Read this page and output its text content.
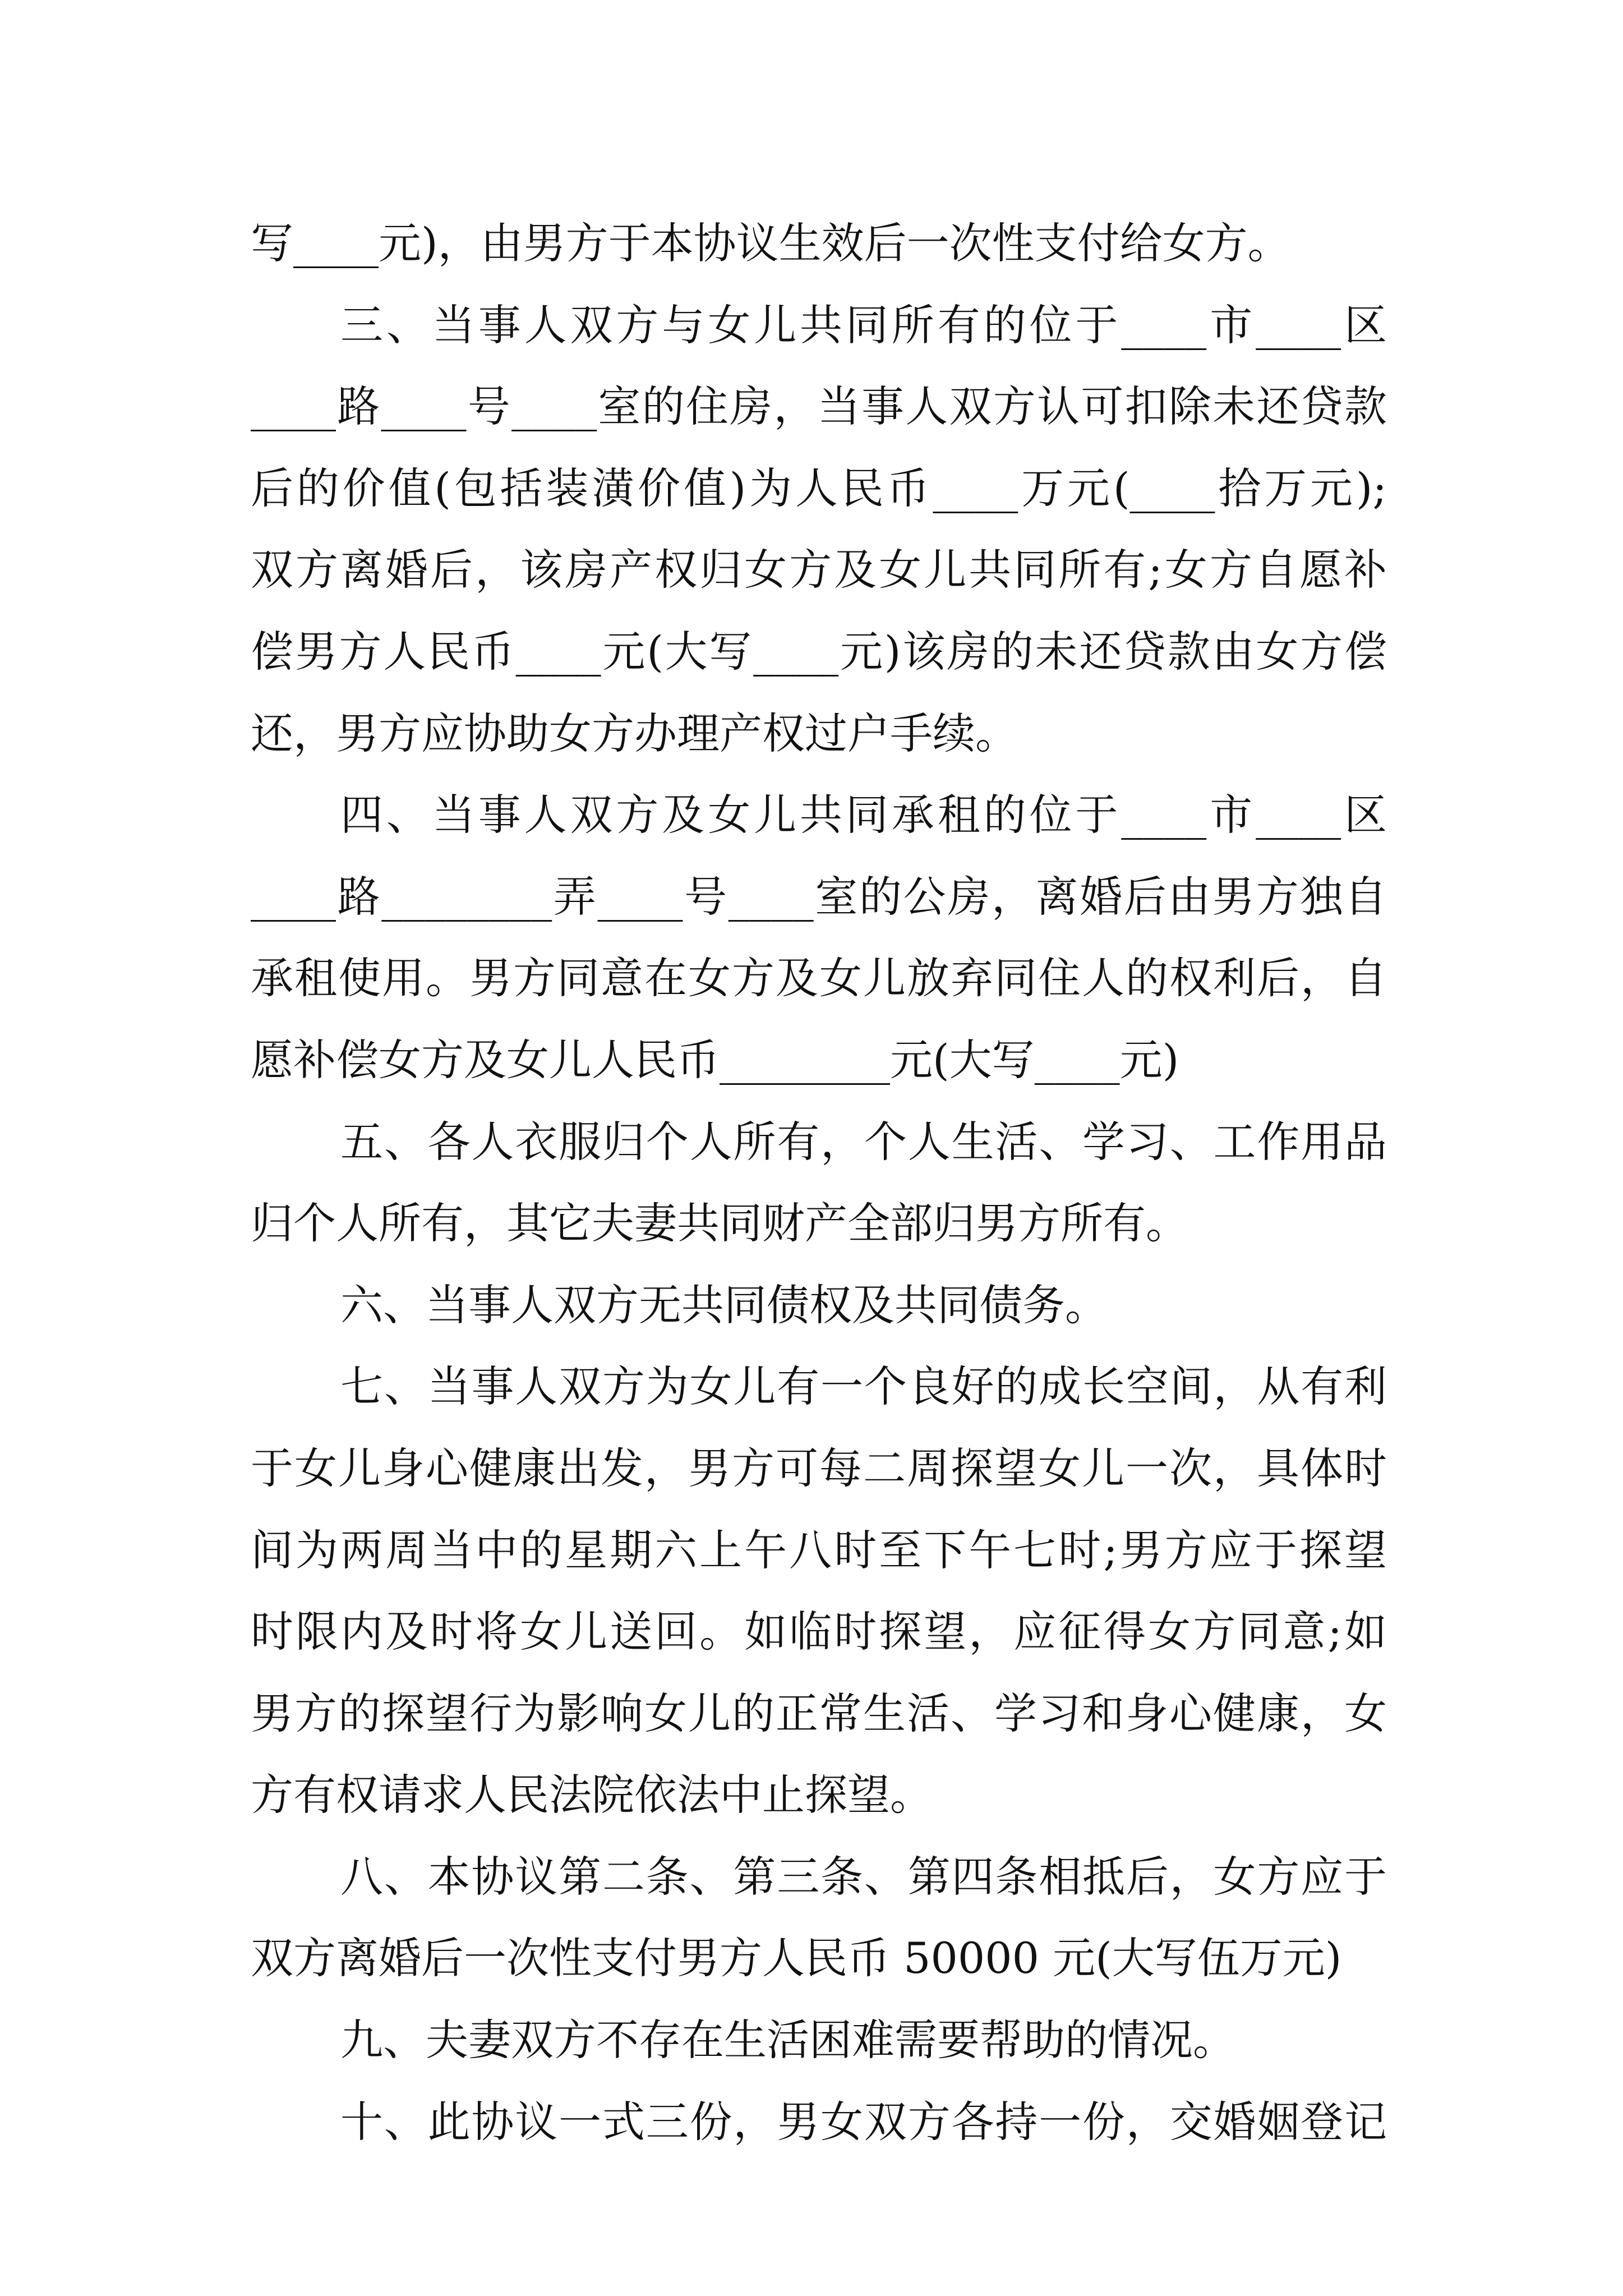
写____元)，由男方于本协议生效后一次性支付给女方。
三、当事人双方与女儿共同所有的位于____市____区
____路____号____室的住房，当事人双方认可扣除未还贷款
后的价值(包括装潢价值)为人民币____万元(____拾万元);
双方离婚后，该房产权归女方及女儿共同所有;女方自愿补
偿男方人民币____元(大写____元)该房的未还贷款由女方偿
还，男方应协助女方办理产权过户手续。
四、当事人双方及女儿共同承租的位于____市____区
____路________弄____号____室的公房，离婚后由男方独自
承租使用。男方同意在女方及女儿放弃同住人的权利后，自
愿补偿女方及女儿人民币________元(大写____元)
五、各人衣服归个人所有，个人生活、学习、工作用品
归个人所有，其它夫妻共同财产全部归男方所有。
六、当事人双方无共同债权及共同债务。
七、当事人双方为女儿有一个良好的成长空间，从有利
于女儿身心健康出发，男方可每二周探望女儿一次，具体时
间为两周当中的星期六上午八时至下午七时;男方应于探望
时限内及时将女儿送回。如临时探望，应征得女方同意;如
男方的探望行为影响女儿的正常生活、学习和身心健康，女
方有权请求人民法院依法中止探望。
八、本协议第二条、第三条、第四条相抵后，女方应于
双方离婚后一次性支付男方人民币 50000 元(大写伍万元)
九、夫妻双方不存在生活困难需要帮助的情况。
十、此协议一式三份，男女双方各持一份，交婚姻登记
